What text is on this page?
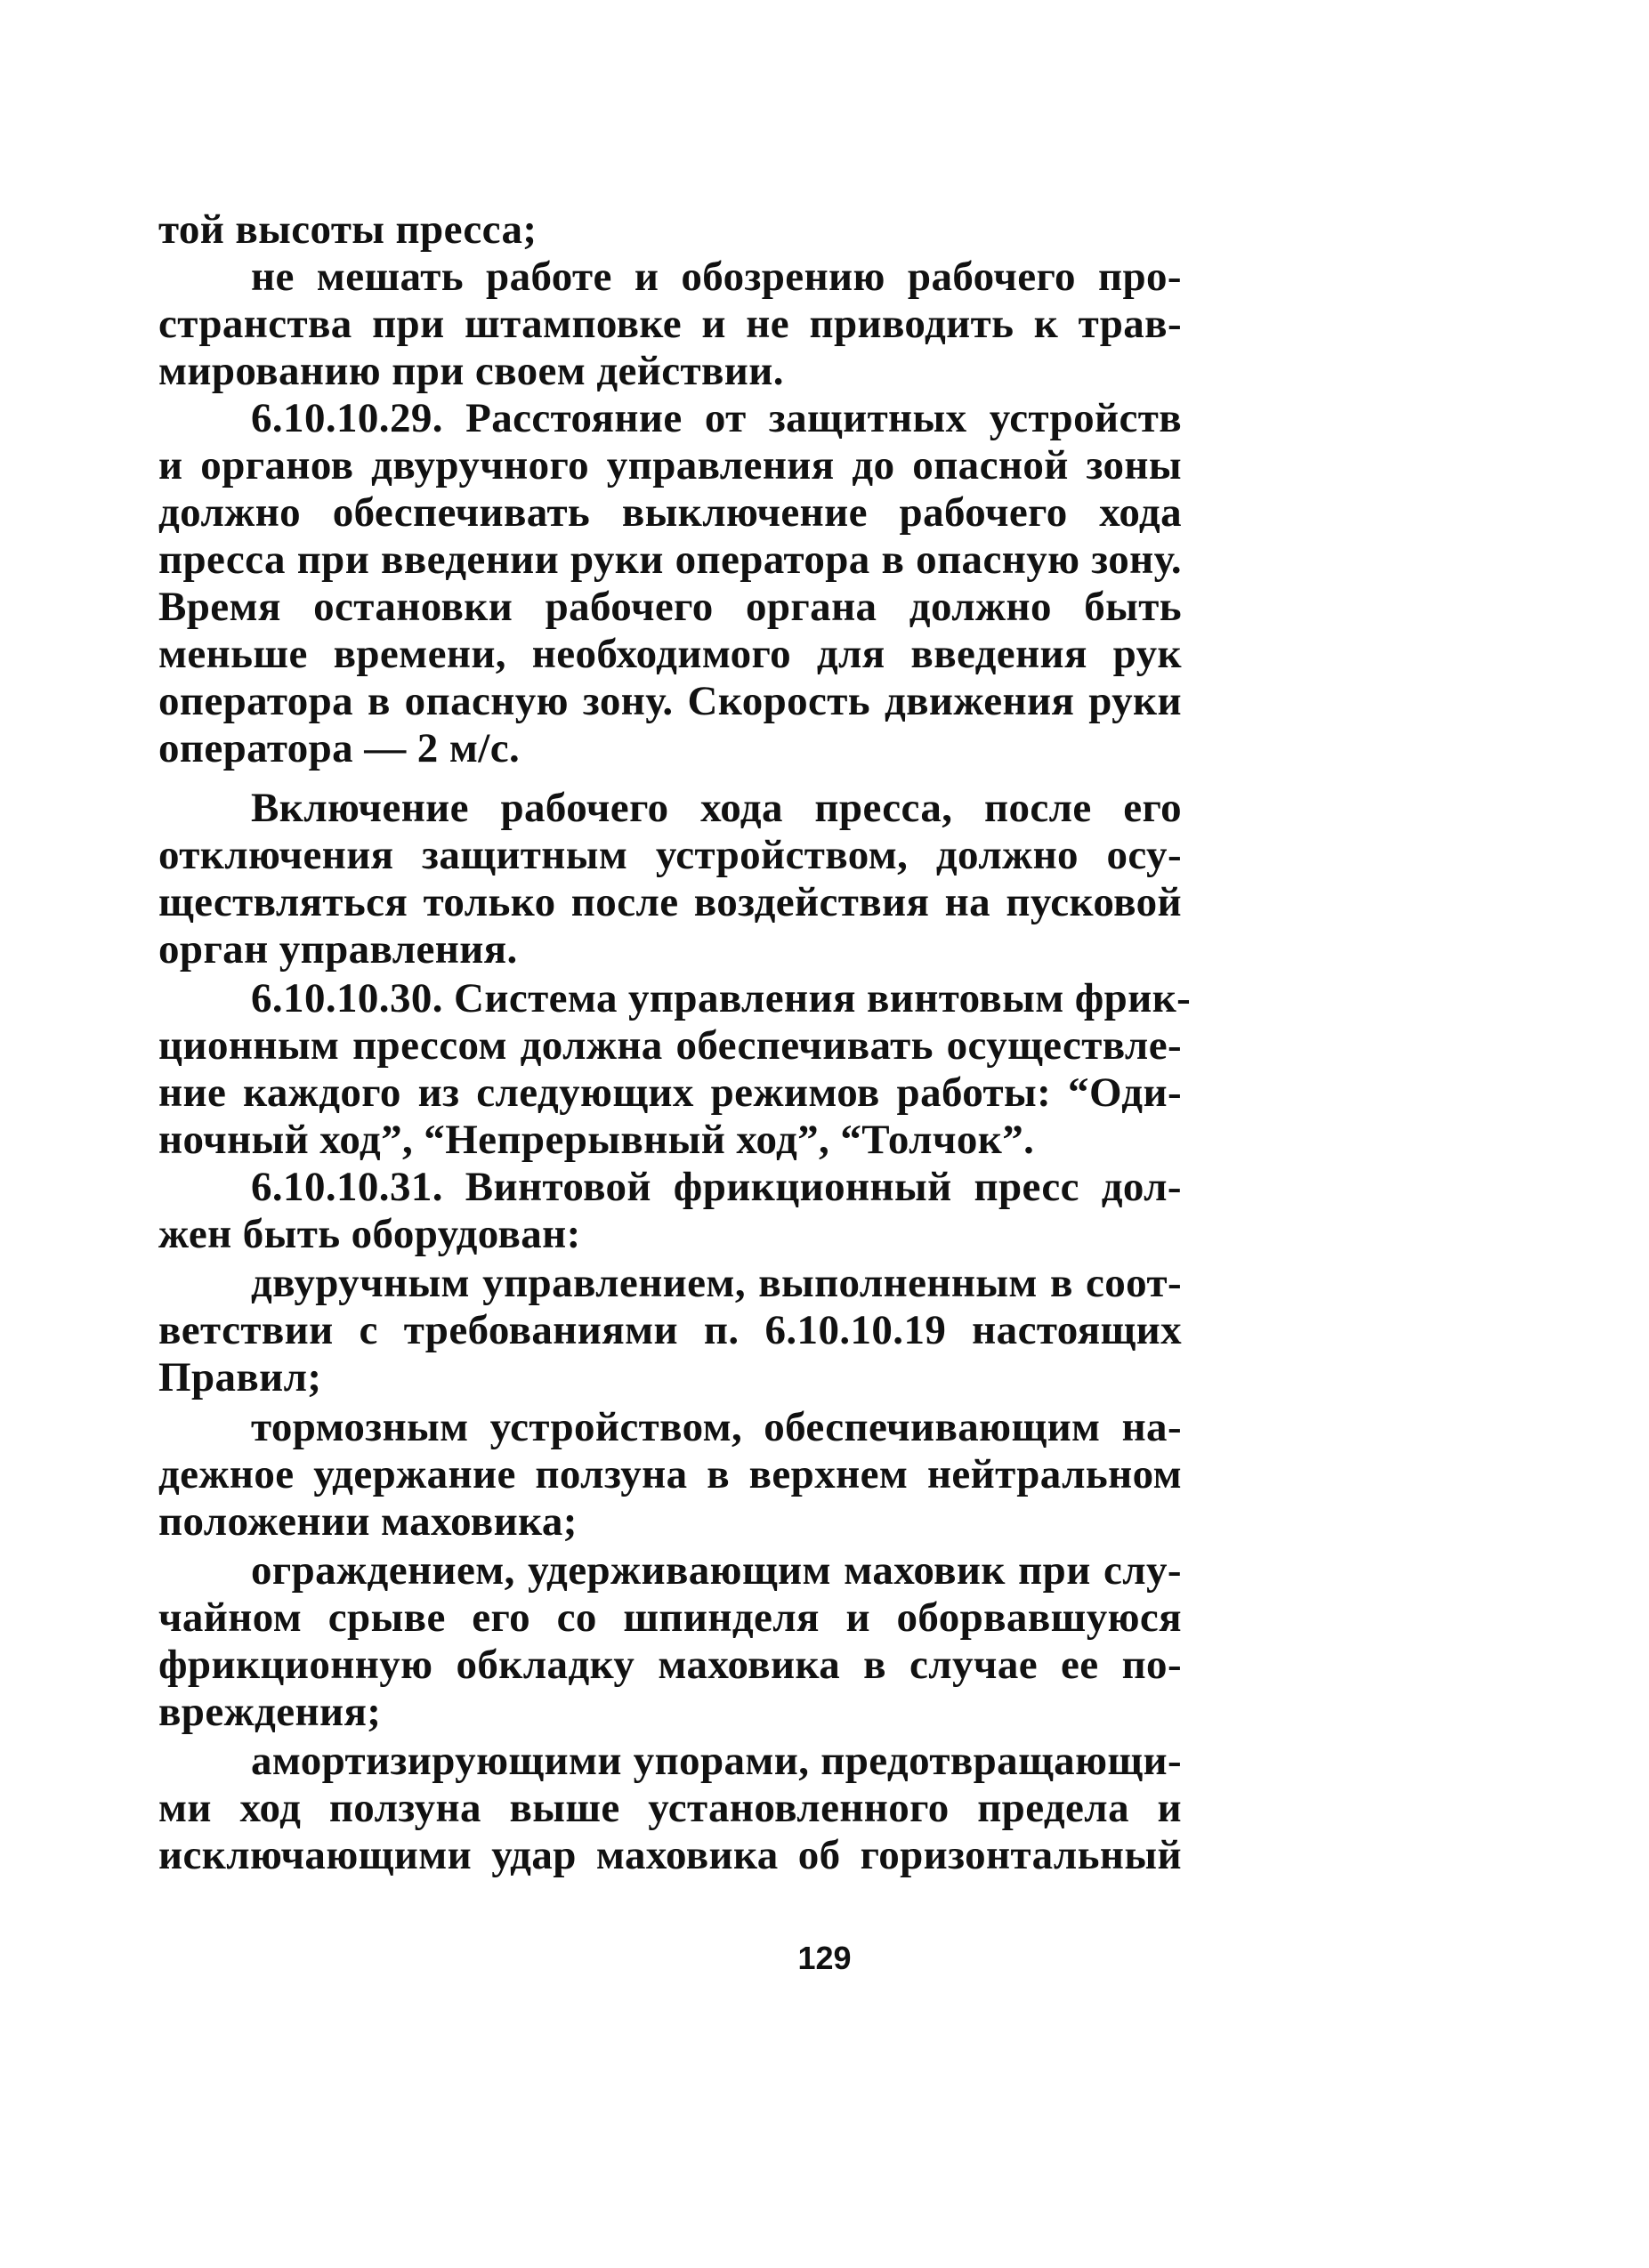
той высоты пресса;
не мешать работе и обозрению рабочего про-
странства при штамповке и не приводить к трав-
мированию при своем действии.
6.10.10.29. Расстояние от защитных устройств
и органов двуручного управления до опасной зоны
должно обеспечивать выключение рабочего хода
пресса при введении руки оператора в опасную зону.
Время остановки рабочего органа должно быть
меньше времени, необходимого для введения рук
оператора в опасную зону. Скорость движения руки
оператора — 2 м/с.
Включение рабочего хода пресса, после его
отключения защитным устройством, должно осу-
ществляться только после воздействия на пусковой
орган управления.
6.10.10.30. Система управления винтовым фрик-
ционным прессом должна обеспечивать осуществле-
ние каждого из следующих режимов работы: “Оди-
ночный ход”, “Непрерывный ход”, “Толчок”.
6.10.10.31. Винтовой фрикционный пресс дол-
жен быть оборудован:
двуручным управлением, выполненным в соот-
ветствии с требованиями п. 6.10.10.19 настоящих
Правил;
тормозным устройством, обеспечивающим на-
дежное удержание ползуна в верхнем нейтральном
положении маховика;
ограждением, удерживающим маховик при слу-
чайном срыве его со шпинделя и оборвавшуюся
фрикционную обкладку маховика в случае ее по-
вреждения;
амортизирующими упорами, предотвращающи-
ми ход ползуна выше установленного предела и
исключающими удар маховика об горизонтальный
129
